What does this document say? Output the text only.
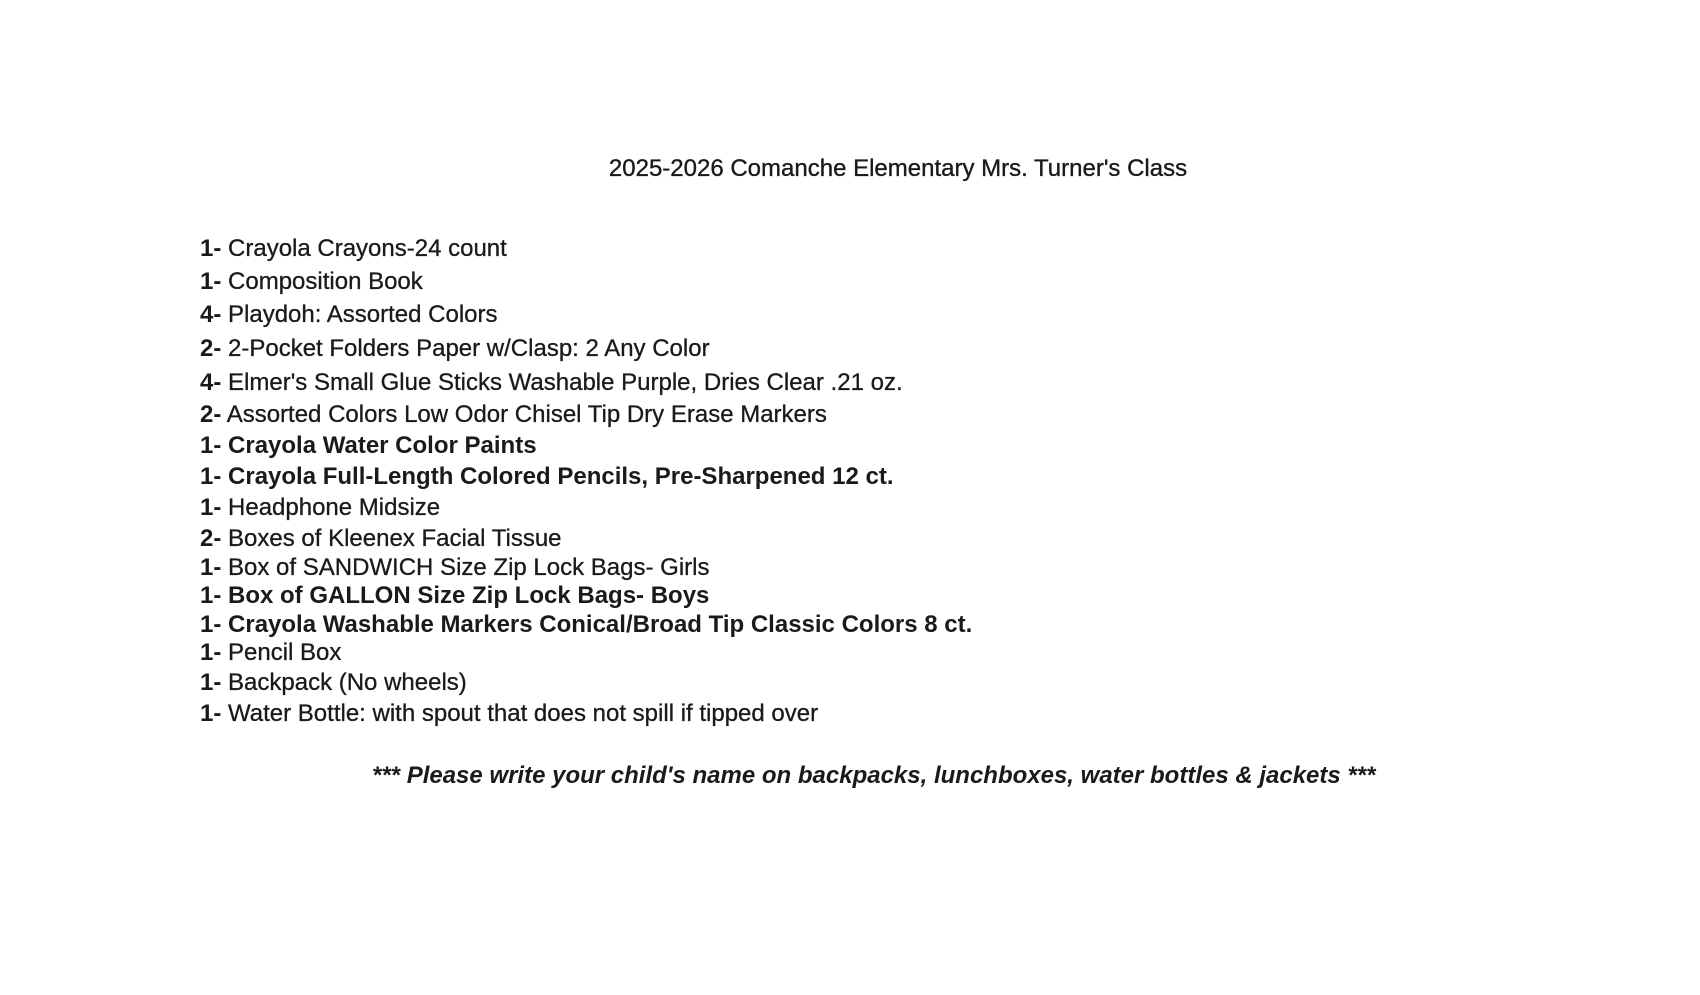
2025-2026 Comanche Elementary Mrs. Turner's Class
1- Crayola Crayons-24 count
1- Composition Book
4- Playdoh: Assorted Colors
2- 2-Pocket Folders Paper w/Clasp: 2 Any Color
4- Elmer's Small Glue Sticks Washable Purple, Dries Clear .21 oz.
2- Assorted Colors Low Odor Chisel Tip Dry Erase Markers
1- Crayola Water Color Paints
1- Crayola Full-Length Colored Pencils, Pre-Sharpened 12 ct.
1- Headphone Midsize
2- Boxes of Kleenex Facial Tissue
1- Box of SANDWICH Size Zip Lock Bags- Girls
1- Box of GALLON Size Zip Lock Bags- Boys
1- Crayola Washable Markers Conical/Broad Tip Classic Colors 8 ct.
1- Pencil Box
1- Backpack (No wheels)
1- Water Bottle: with spout that does not spill if tipped over
*** Please write your child's name on backpacks, lunchboxes, water bottles & jackets ***
